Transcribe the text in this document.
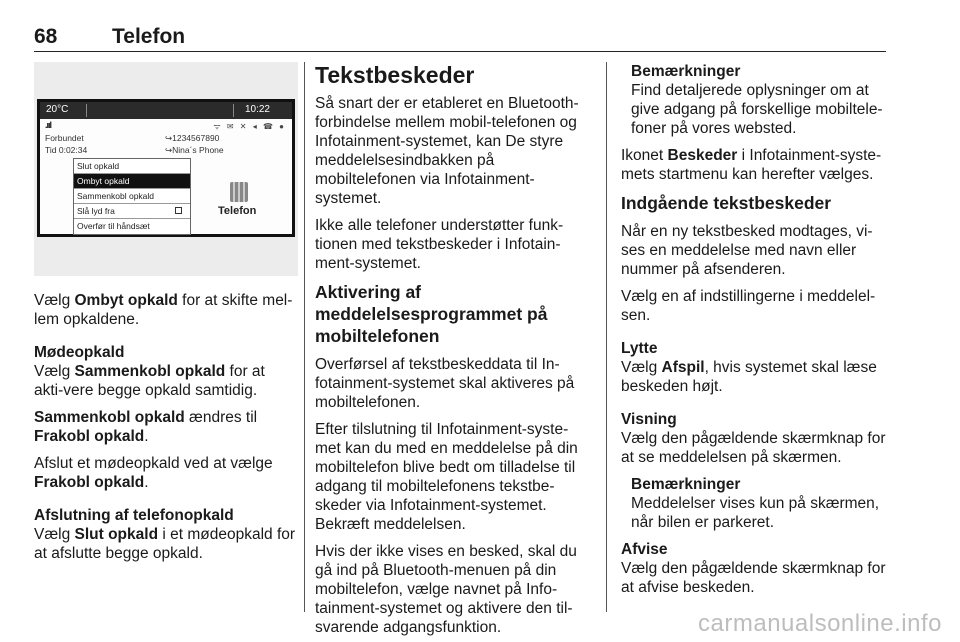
68	Telefon
20°C	10:22
.ııl	ᯤ ✉ ✕ ◂ ☎ ●
Forbundet
Tid 0:02:34
↪1234567890
↪Nina´s Phone
Slut opkald
Ombyt opkald
Sammenkobl opkald
Slå lyd fra
Overfør til håndsæt
Telefon

Vælg Ombyt opkald for at skifte mel-lem opkaldene.

Mødeopkald

Vælg Sammenkobl opkald for at akti-vere begge opkald samtidig.

Sammenkobl opkald ændres til
Frakobl opkald.

Afslut et mødeopkald ved at vælge
Frakobl opkald.

Afslutning af telefonopkald

Vælg Slut opkald i et mødeopkald for at afslutte begge opkald.

Tekstbeskeder

Så snart der er etableret en Bluetooth-forbindelse mellem mobil-telefonen og Infotainment-systemet, kan De styre meddelelsesindbakken på mobiltelefonen via Infotainment-systemet.

Ikke alle telefoner understøtter funk-tionen med tekstbeskeder i Infotain-ment-systemet.

Aktivering af meddelelsesprogrammet på mobiltelefonen

Overførsel af tekstbeskeddata til In-fotainment-systemet skal aktiveres på mobiltelefonen.

Efter tilslutning til Infotainment-syste-met kan du med en meddelelse på din mobiltelefon blive bedt om tilladelse til adgang til mobiltelefonens tekstbe-skeder via Infotainment-systemet. Bekræft meddelelsen.

Hvis der ikke vises en besked, skal du gå ind på Bluetooth-menuen på din mobiltelefon, vælge navnet på Info-tainment-systemet og aktivere den til-svarende adgangsfunktion.

Bemærkninger
Find detaljerede oplysninger om at give adgang på forskellige mobiltele-foner på vores websted.

Ikonet Beskeder i Infotainment-syste-mets startmenu kan herefter vælges.

Indgående tekstbeskeder

Når en ny tekstbesked modtages, vi-ses en meddelelse med navn eller nummer på afsenderen.

Vælg en af indstillingerne i meddelel-sen.

Lytte

Vælg Afspil, hvis systemet skal læse beskeden højt.

Visning

Vælg den pågældende skærmknap for at se meddelelsen på skærmen.

Bemærkninger
Meddelelser vises kun på skærmen, når bilen er parkeret.
Afvise

Vælg den pågældende skærmknap for at afvise beskeden.

carmanualsonline.info
